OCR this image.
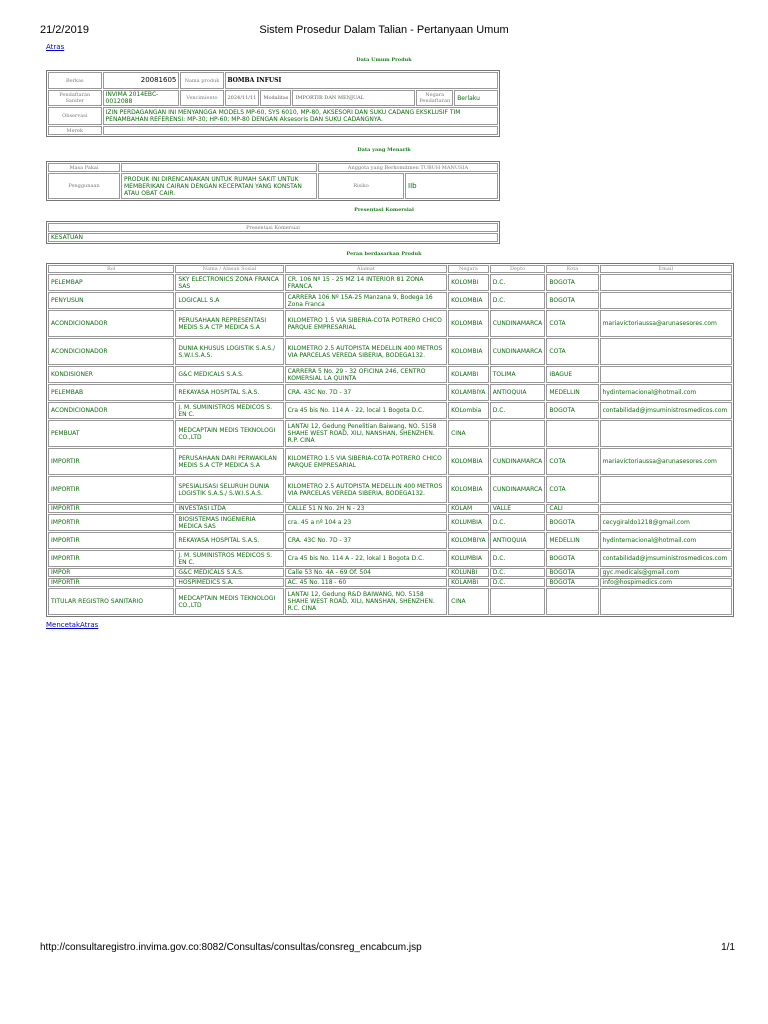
21/2/2019	Sistem Prosedur Dalam Talian - Pertanyaan Umum
Atras
Data Umum Produk
Berkas	20081605	Nama produk	BOMBA INFUSI				
Pendaftaran Saniter	INVIMA 2014EBC-0012088	Vencimiento	2024/11/11	Modalitas	IMPORTIR DAN MENJUAL	Negara Pendaftaran	Berlaku
Observasi	IZIN PERDAGANGAN INI MENYANGGA MODELS MP-60, SYS 6010, MP-80, AKSESORI DAN SUKU CADANG EKSKLUSIF TIM PENAMBAHAN REFERENSI: MP-30; HP-60; MP-80 DENGAN Aksesoris DAN SUKU CADANGNYA.						
Merek							
Data yang Menarik
Masa Pakai		Anggota yang Berkomitmen TUBUH MANUSIA	
Penggunaan	PRODUK INI DIRENCANAKAN UNTUK RUMAH SAKIT UNTUK MEMBERIKAN CAIRAN DENGAN KECEPATAN YANG KONSTAN ATAU OBAT CAIR.	Risiko	IIb
Presentasi Komersial
Presentasi Komersial
KESATUAN
Peran berdasarkan Produk
Rol	Nama / Alasan Sosial	Alamat	Negara	Depto	Kota	Email
PELEMBAP	SKY ELECTRONICS ZONA FRANCA SAS	CR. 106 Nº 15 - 25 MZ 14 INTERIOR 81 ZONA FRANCA	KOLOMBI	D.C.	BOGOTA	
PENYUSUN	LOGICALL S.A	CARRERA 106 Nº 15A-25 Manzana 9, Bodega 16 Zona Franca	KOLOMBIA	D.C.	BOGOTA	
ACONDICIONADOR	PERUSAHAAN REPRESENTASI MEDIS S.A CTP MEDICA S.A	KILOMETRO 1.5 VIA SIBERIA-COTA POTRERO CHICO PARQUE EMPRESARIAL	KOLOMBIA	CUNDINAMARCA	COTA	mariavictoriaussa@arunasesores.com
ACONDICIONADOR	DUNIA KHUSUS LOGISTIK S.A.S./ S.W.I.S.A.S.	KILOMETRO 2.5 AUTOPISTA MEDELLIN 400 METROS VIA PARCELAS VEREDA SIBERIA, BODEGA132.	KOLOMBIA	CUNDINAMARCA	COTA	
KONDISIONER	G&C MEDICALS S.A.S.	CARRERA 5 No. 29 - 32 OFICINA 246, CENTRO KOMERSIAL LA QUINTA	KOLAMBI	TOLIMA	IBAGUE	
PELEMBAB	REKAYASA HOSPITAL S.A.S.	CRA. 43C No. 7D - 37	KOLAMBIYA	ANTIOQUIA	MEDELLIN	hydinternacional@hotmail.com
ACONDICIONADOR	J. M. SUMINISTROS MEDICOS S. EN C.	Cra 45 bis No. 114 A - 22, local 1 Bogota D.C.	KOLombia	D.C.	BOGOTA	contabilidad@jmsuministrosmedicos.com
PEMBUAT	MEDCAPTAIN MEDIS TEKNOLOGI CO.,LTD	LANTAI 12, Gedung Penelitian Baiwang, NO. 5158 SHAHE WEST ROAD, XILI, NANSHAN, SHENZHEN. R.P. CINA	CINA			
IMPORTIR	PERUSAHAAN DARI PERWAKILAN MEDIS S.A CTP MEDICA S.A	KILOMETRO 1.5 VIA SIBERIA-COTA POTRERO CHICO PARQUE EMPRESARIAL	KOLOMBIA	CUNDINAMARCA	COTA	mariavictoriaussa@arunasesores.com
IMPORTIR	SPESIALISASI SELURUH DUNIA LOGISTIK S.A.S./ S.W.I.S.A.S.	KILOMETRO 2.5 AUTOPISTA MEDELLIN 400 METROS VIA PARCELAS VEREDA SIBERIA, BODEGA132.	KOLOMBIA	CUNDINAMARCA	COTA	
IMPORTIR	INVESTASI LTDA	CALLE 51 N No. 2H N - 23	KOLAM	VALLE	CALI	
IMPORTIR	BIOSISTEMAS INGENIERIA MEDICA SAS	cra. 45 a nº 104 a 23	KOLUMBIA	D.C.	BOGOTA	cecygiraldo1218@gmail.com
IMPORTIR	REKAYASA HOSPITAL S.A.S.	CRA. 43C No. 7D - 37	KOLOMBIYA	ANTIOQUIA	MEDELLIN	hydinternacional@hotmail.com
IMPORTIR	J. M. SUMINISTROS MEDICOS S. EN C.	Cra 45 bis No. 114 A - 22, lokal 1 Bogota D.C.	KOLUMBIA	D.C.	BOGOTA	contabilidad@jmsuministrosmedicos.com
IMPOR	G&C MEDICALS S.A.S.	Calle 53 No. 4A - 69 Of. 504	KOLUNBI	D.C.	BOGOTA	gyc.medicals@gmail.com
IMPORTIR	HOSPIMEDICS S.A.	AC. 45 No. 118 - 60	KOLAMBI	D.C.	BOGOTA	info@hospimedics.com
TITULAR REGISTRO SANITARIO	MEDCAPTAIN MEDIS TEKNOLOGI CO.,LTD	LANTAI 12, Gedung R&D BAIWANG, NO. 5158 SHAHE WEST ROAD, XILI, NANSHAN, SHENZHEN. R.C. CINA	CINA			
MencetakAtras
http://consultaregistro.invima.gov.co:8082/Consultas/consultas/consreg_encabcum.jsp	1/1
